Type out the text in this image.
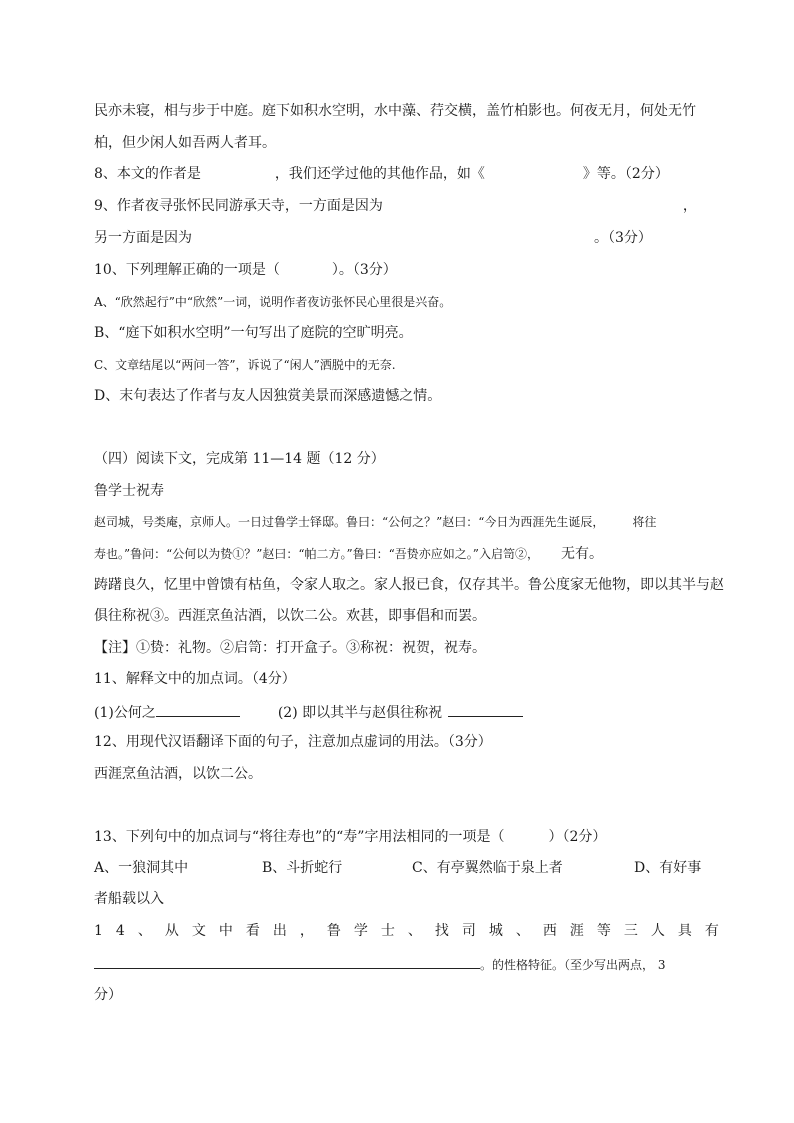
民亦未寝，相与步于中庭。庭下如积水空明，水中藻、荇交横，盖竹柏影也。何夜无月，何处无竹
柏，但少闲人如吾两人者耳。
8、本文的作者是	，我们还学过他的其他作品，如《	》等。（2分）
9、作者夜寻张怀民同游承天寺，一方面是因为	，
另一方面是因为	。（3分）
10、下列理解正确的一项是（	）。（3分）
A、“欣然起行”中“欣然”一词，说明作者夜访张怀民心里很是兴奋。
B、“庭下如积水空明”一句写出了庭院的空旷明亮。
C、文章结尾以“两问一答”，诉说了“闲人”洒脱中的无奈.
D、末句表达了作者与友人因独赏美景而深感遗憾之情。
（四）阅读下文，完成第 11—14 题（12 分）
鲁学士祝寿
赵司城，号类庵，京师人。一日过鲁学士铎邸。鲁曰：“公何之？”赵曰：“今日为西涯先生诞辰， 将往
寿也。”鲁问：“公何以为贽①？”赵曰：“帕二方。”鲁曰：“吾贽亦应如之。”入启笥②， 无有。
踌躇良久，忆里中曾馈有枯鱼，令家人取之。家人报已食，仅存其半。鲁公度家无他物，即以其半与赵
俱往称祝③。西涯烹鱼沽酒，以饮二公。欢甚，即事倡和而罢。
【注】①贽：礼物。②启笥：打开盒子。③称祝：祝贺，祝寿。
11、解释文中的加点词。（4分）
(1)公何之	(2) 即以其半与赵俱往称祝
12、用现代汉语翻译下面的句子，注意加点虚词的用法。（3分）
西涯烹鱼沽酒，以饮二公。
13、下列句中的加点词与“将往寿也”的“寿”字用法相同的一项是（	）（2分）
A、一狼洞其中	B、斗折蛇行	C、有亭翼然临于泉上者	D、有好事
者船载以入
14、从文中看出，鲁学士、找司城、西涯等三人具有
。的性格特征。（至少写出两点， 3
分）
